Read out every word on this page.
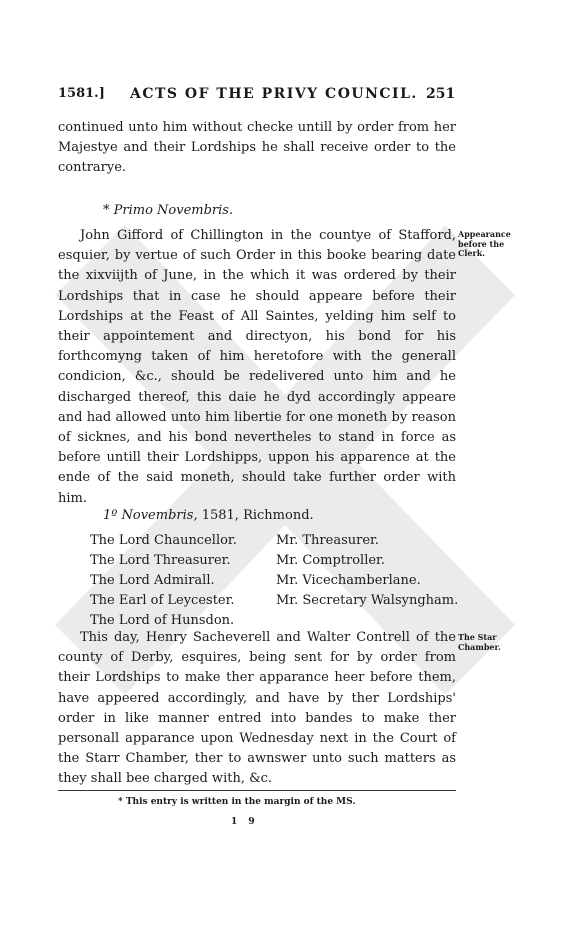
1581.] ACTS OF THE PRIVY COUNCIL. 251

continued unto him without checke untill by order from her Majestye and their Lordships he shall receive order to the contrarye.

* Primo Novembris.
Appearance before the Clerk.

John Gifford of Chillington in the countye of Stafford, esquier, by vertue of such Order in this booke bearing date the xixviijth of June, in the which it was ordered by their Lordships that in case he should appeare before their Lordships at the Feast of All Saintes, yelding him self to their appointement and directyon, his bond for his forthcomyng taken of him heretofore with the generall condicion, &c., should be redelivered unto him and he discharged thereof, this daie he dyd accordingly appeare and had allowed unto him libertie for one moneth by reason of sicknes, and his bond nevertheles to stand in force as before untill their Lordshipps, uppon his apparence at the ende of the said moneth, should take further order with him.

1º Novembris, 1581, Richmond.
The Lord Chauncellor.
The Lord Threasurer.
The Lord Admirall.
The Earl of Leycester.
The Lord of Hunsdon.
Mr. Threasurer.
Mr. Comptroller.
Mr. Vicechamberlane.
Mr. Secretary Walsyngham.
The Star Chamber.

This day, Henry Sacheverell and Walter Contrell of the county of Derby, esquires, being sent for by order from their Lordships to make ther apparance heer before them, have appeered accordingly, and have by ther Lordships' order in like manner entred into bandes to make ther personall apparance upon Wednesday next in the Court of the Starr Chamber, ther to awnswer unto such matters as they shall bee charged with, &c.

* This entry is written in the margin of the MS.
1 9
